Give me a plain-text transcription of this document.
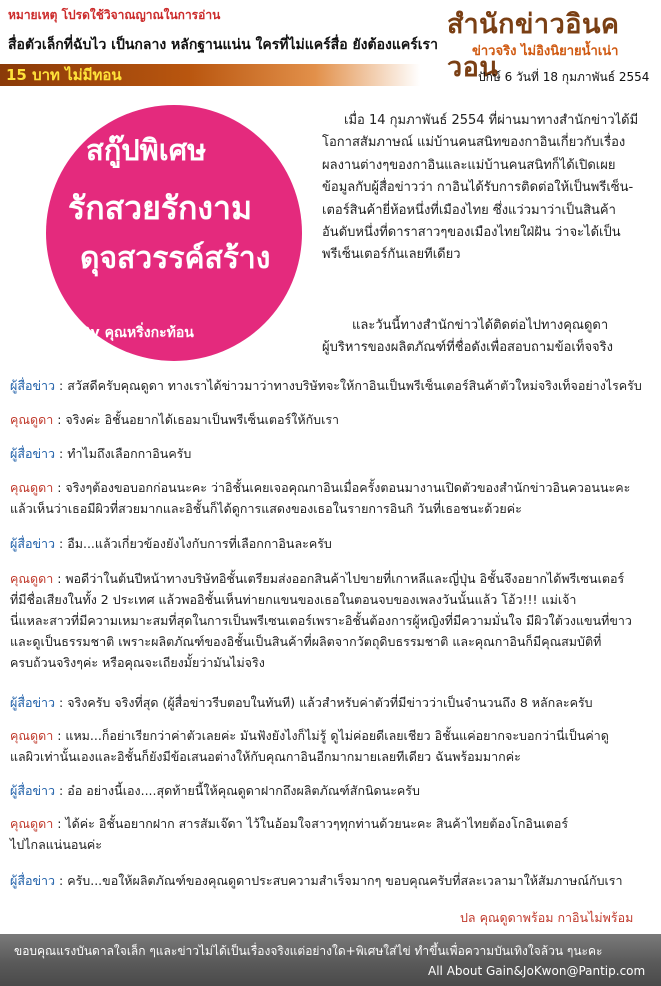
หมายเหตุ โปรดใช้วิจาณญาณในการอ่าน
สื่อตัวเล็กที่ฉับไว เป็นกลาง หลักฐานแน่น ใครที่ไม่แคร์สื่อ ยังต้องแคร์เรา
สำนักข่าวอินควอน
ข่าวจริง ไม่อิงนิยายน้ำเน่า
15 บาท ไม่มีทอน	ปักษ์ 6 วันที่ 18 กุมภาพันธ์ 2554
สกู๊ปพิเศษ
รักสวยรักงาม
ดุจสวรรค์สร้าง
By คุณหริ่งกะท้อน
เมื่อ 14 กุมภาพันธ์ 2554 ที่ผ่านมาทางสำนักข่าวได้มี
โอกาสสัมภาษณ์ แม่บ้านคนสนิทของกาอินเกี่ยวกับเรื่อง
ผลงานต่างๆของกาอินและแม่บ้านคนสนิทก็ได้เปิดเผย
ข้อมูลกับผู้สื่อข่าวว่า กาอินได้รับการติดต่อให้เป็นพรีเซ็น-
เตอร์สินค้ายี่ห้อหนึ่งที่เมืองไทย ซึ่งแว่วมาว่าเป็นสินค้า
อันดับหนึ่งที่ดาราสาวๆของเมืองไทยใฝ่ฝัน ว่าจะได้เป็น
พรีเซ็นเตอร์กันเลยทีเดียว
และวันนี้ทางสำนักข่าวได้ติดต่อไปทางคุณดูดา
ผู้บริหารของผลิตภัณฑ์ที่ชื่อดังเพื่อสอบถามข้อเท็จจริง
ผู้สื่อข่าว : สวัสดีครับคุณดูดา ทางเราได้ข่าวมาว่าทางบริษัทจะให้กาอินเป็นพรีเซ็นเตอร์สินค้าตัวใหม่จริงเท็จอย่างไรครับ
คุณดูดา : จริงค่ะ อิชั้นอยากได้เธอมาเป็นพรีเซ็นเตอร์ให้กับเรา
ผู้สื่อข่าว : ทำไมถึงเลือกกาอินครับ
คุณดูดา : จริงๆต้องขอบอกก่อนนะคะ ว่าอิชั้นเคยเจอคุณกาอินเมื่อครั้งตอนมางานเปิดตัวของสำนักข่าวอินควอนนะคะ
แล้วเห็นว่าเธอมีผิวที่สวยมากและอิชั้นก็ได้ดูการแสดงของเธอในรายการอินกิ วันที่เธอชนะด้วยค่ะ
ผู้สื่อข่าว : อืม...แล้วเกี่ยวข้องยังไงกับการที่เลือกกาอินละครับ
คุณดูดา : พอดีว่าในต้นปีหน้าทางบริษัทอิชั้นเตรียมส่งออกสินค้าไปขายที่เกาหลีและญี่ปุ่น อิชั้นจึงอยากได้พรีเซนเตอร์
ที่มีชื่อเสียงในทั้ง 2 ประเทศ แล้วพออิชั้นเห็นท่ายกแขนของเธอในตอนจบของเพลงวันนั้นแล้ว โอ้ว!!! แม่เจ้า
นี่แหละสาวที่มีความเหมาะสมที่สุดในการเป็นพรีเซนเตอร์เพราะอิชั้นต้องการผู้หญิงที่มีความมั่นใจ มีผิวใต้วงแขนที่ขาว
และดูเป็นธรรมชาติ เพราะผลิตภัณฑ์ของอิชั้นเป็นสินค้าที่ผลิตจากวัตถุดิบธรรมชาติ และคุณกาอินก็มีคุณสมบัติที่
ครบถ้วนจริงๆค่ะ หรือคุณจะเถียงมั้ยว่ามันไม่จริง
ผู้สื่อข่าว : จริงครับ จริงที่สุด (ผู้สื่อข่าวรีบตอบในทันที) แล้วสำหรับค่าตัวที่มีข่าวว่าเป็นจำนวนถึง 8 หลักละครับ
คุณดูดา : แหม...ก็อย่าเรียกว่าค่าตัวเลยค่ะ มันฟังยังไงก็ไม่รู้ ดูไม่ค่อยดีเลยเชียว อิชั้นแค่อยากจะบอกว่านี่เป็นค่าดู
แลผิวเท่านั้นเองและอิชั้นก็ยังมีข้อเสนอต่างให้กับคุณกาอินอีกมากมายเลยทีเดียว ฉันพร้อมมากค่ะ
ผู้สื่อข่าว : อ๋อ อย่างนี้เอง....สุดท้ายนี้ให้คุณดูดาฝากถึงผลิตภัณฑ์สักนิดนะครับ
คุณดูดา : ได้ค่ะ อิชั้นอยากฝาก สารสัมเจ๊ดา ไว้ในอ้อมใจสาวๆทุกท่านด้วยนะคะ สินค้าไทยต้องโกอินเตอร์
ไปไกลแน่นอนค่ะ
ผู้สื่อข่าว : ครับ...ขอให้ผลิตภัณฑ์ของคุณดูดาประสบความสำเร็จมากๆ ขอบคุณครับที่สละเวลามาให้สัมภาษณ์กับเรา
ปล คุณดูดาพร้อม กาอินไม่พร้อม
ขอบคุณแรงบันดาลใจเล็ก ๆและข่าวไม่ได้เป็นเรื่องจริงแต่อย่างใด+พิเศษใส่ไข่ ทำขึ้นเพื่อความบันเทิงใจล้วน ๆนะคะ
All About Gain&JoKwon@Pantip.com
